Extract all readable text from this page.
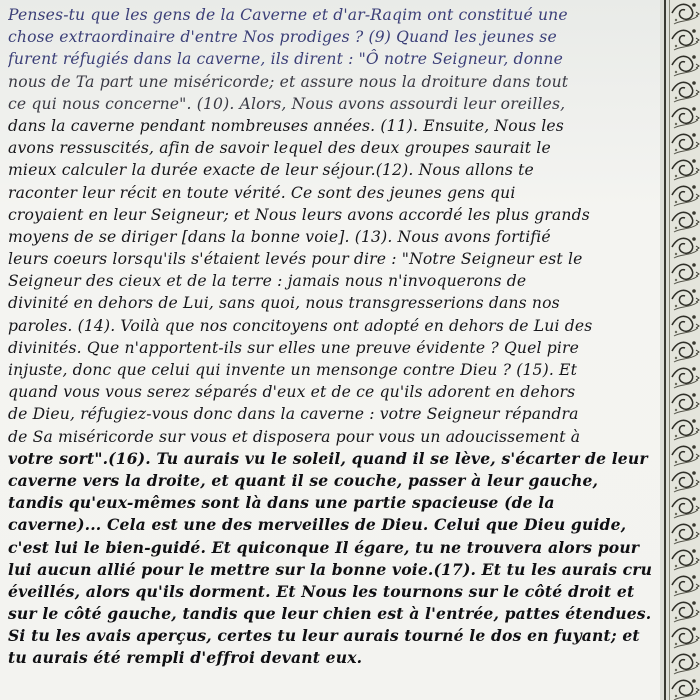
Penses-tu que les gens de la Caverne et d'ar-Raqim ont constitué une
chose extraordinaire d'entre Nos prodiges ? (9) Quand les jeunes se
furent réfugiés dans la caverne, ils dirent : "Ô notre Seigneur, donne
nous de Ta part une miséricorde; et assure nous la droiture dans tout
ce qui nous concerne". (10). Alors, Nous avons assourdi leur oreilles,
dans la caverne pendant nombreuses années. (11). Ensuite, Nous les
avons ressuscités, afin de savoir lequel des deux groupes saurait le
mieux calculer la durée exacte de leur séjour.(12). Nous allons te
raconter leur récit en toute vérité. Ce sont des jeunes gens qui
croyaient en leur Seigneur; et Nous leurs avons accordé les plus grands
moyens de se diriger [dans la bonne voie]. (13). Nous avons fortifié
leurs coeurs lorsqu'ils s'étaient levés pour dire : "Notre Seigneur est le
Seigneur des cieux et de la terre : jamais nous n'invoquerons de
divinité en dehors de Lui, sans quoi, nous transgresserions dans nos
paroles. (14). Voilà que nos concitoyens ont adopté en dehors de Lui des
divinités. Que n'apportent-ils sur elles une preuve évidente ? Quel pire
injuste, donc que celui qui invente un mensonge contre Dieu ? (15). Et
quand vous vous serez séparés d'eux et de ce qu'ils adorent en dehors
de Dieu, réfugiez-vous donc dans la caverne : votre Seigneur répandra
de Sa miséricorde sur vous et disposera pour vous un adoucissement à
votre sort".(16). Tu aurais vu le soleil, quand il se lève, s'écarter de leur
caverne vers la droite, et quant il se couche, passer à leur gauche,
tandis qu'eux-mêmes sont là dans une partie spacieuse (de la
caverne)... Cela est une des merveilles de Dieu. Celui que Dieu guide,
c'est lui le bien-guidé. Et quiconque Il égare, tu ne trouvera alors pour
lui aucun allié pour le mettre sur la bonne voie.(17). Et tu les aurais cru
éveillés, alors qu'ils dorment. Et Nous les tournons sur le côté droit et
sur le côté gauche, tandis que leur chien est à l'entrée, pattes étendues.
Si tu les avais aperçus, certes tu leur aurais tourné le dos en fuyant; et
tu aurais été rempli d'effroi devant eux.
